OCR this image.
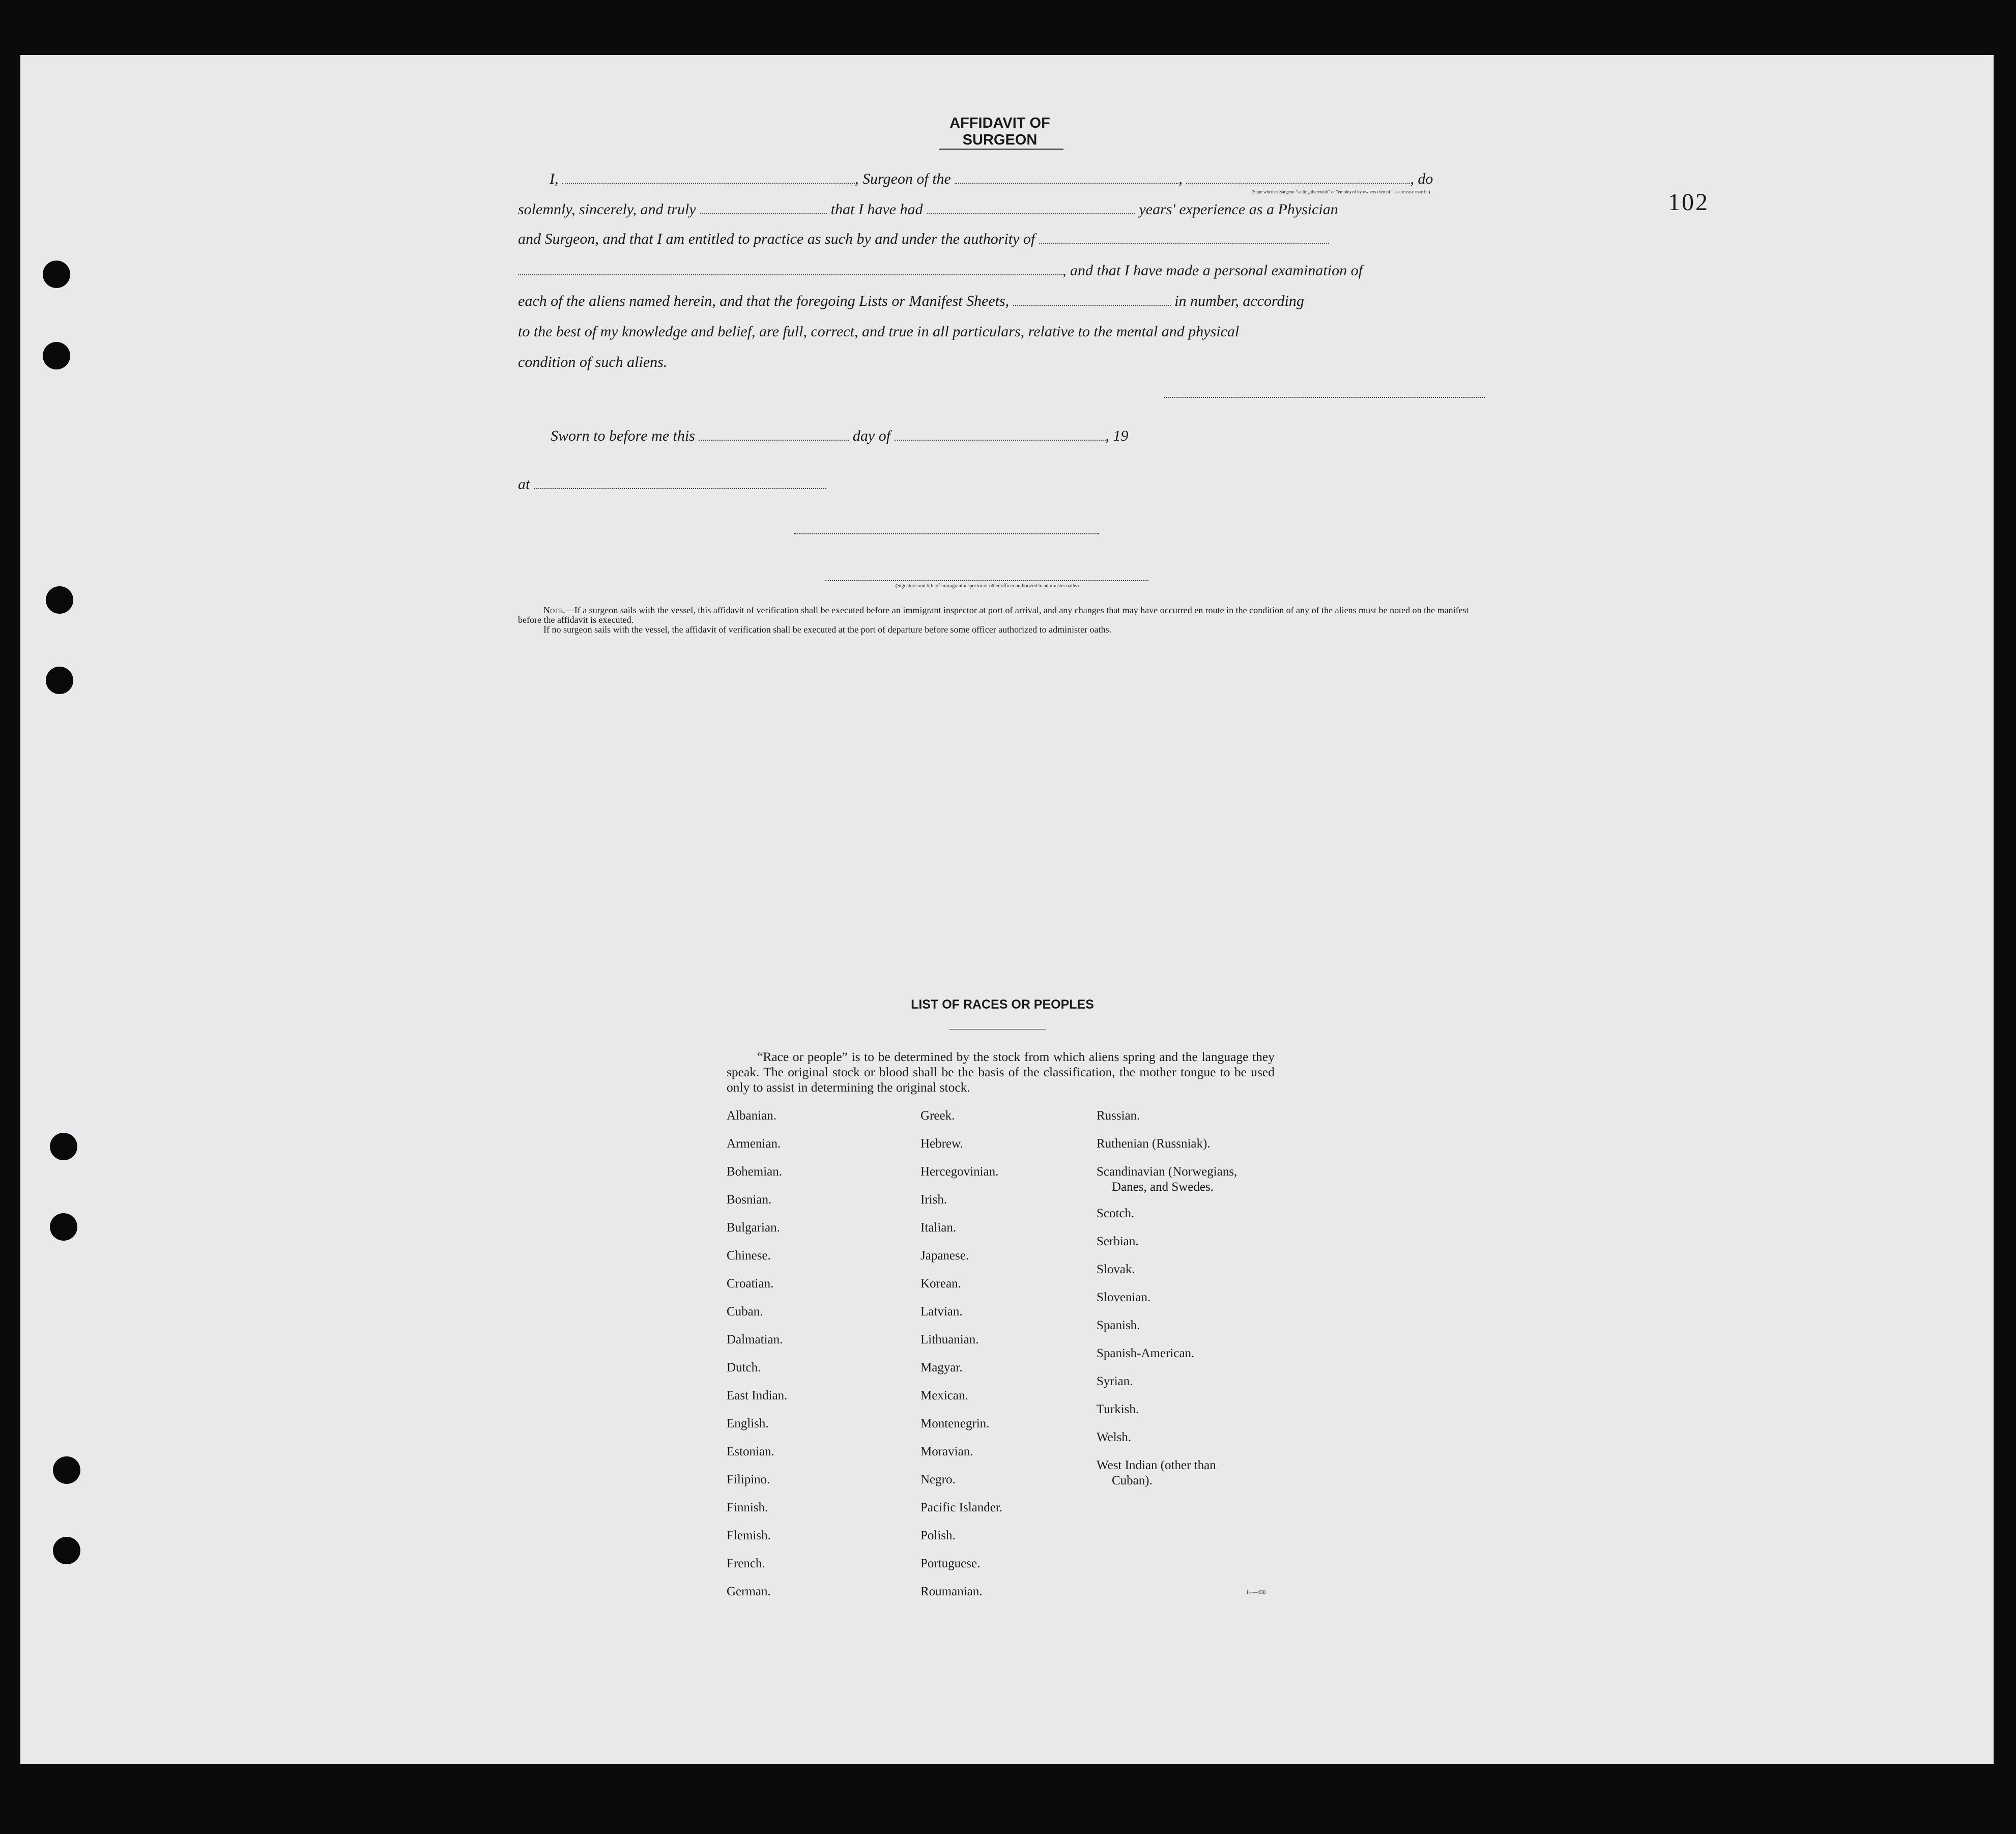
102
AFFIDAVIT OF SURGEON
I,	, Surgeon of the	,	, do
(State whether Surgeon "sailing therewith" or "employed by owners thereof," as the case may be)
solemnly, sincerely, and truly	that I have had	years' experience as a Physician
and Surgeon, and that I am entitled to practice as such by and under the authority of
, and that I have made a personal examination of
each of the aliens named herein, and that the foregoing Lists or Manifest Sheets,	in number, according
to the best of my knowledge and belief, are full, correct, and true in all particulars, relative to the mental and physical
condition of such aliens.
Sworn to before me this	day of	, 19
at
(Signature and title of immigrant inspector or other officer authorized to administer oaths)
Note.—If a surgeon sails with the vessel, this affidavit of verification shall be executed before an immigrant inspector at port of arrival, and any changes that may have occurred en route in the condition of any of the aliens must be noted on the manifest before the affidavit is executed.
If no surgeon sails with the vessel, the affidavit of verification shall be executed at the port of departure before some officer authorized to administer oaths.
LIST OF RACES OR PEOPLES

“Race or people” is to be determined by the stock from which aliens spring and the language they speak. The original stock or blood shall be the basis of the classification, the mother tongue to be used only to assist in determining the original stock.

Albanian.
Armenian.
Bohemian.
Bosnian.
Bulgarian.
Chinese.
Croatian.
Cuban.
Dalmatian.
Dutch.
East Indian.
English.
Estonian.
Filipino.
Finnish.
Flemish.
French.
German.
Greek.
Hebrew.
Hercegovinian.
Irish.
Italian.
Japanese.
Korean.
Latvian.
Lithuanian.
Magyar.
Mexican.
Montenegrin.
Moravian.
Negro.
Pacific Islander.
Polish.
Portuguese.
Roumanian.
Russian.
Ruthenian (Russniak).
Scandinavian (Norwegians,
Danes, and Swedes.
Scotch.
Serbian.
Slovak.
Slovenian.
Spanish.
Spanish-American.
Syrian.
Turkish.
Welsh.
West Indian (other than
Cuban).
14—430
